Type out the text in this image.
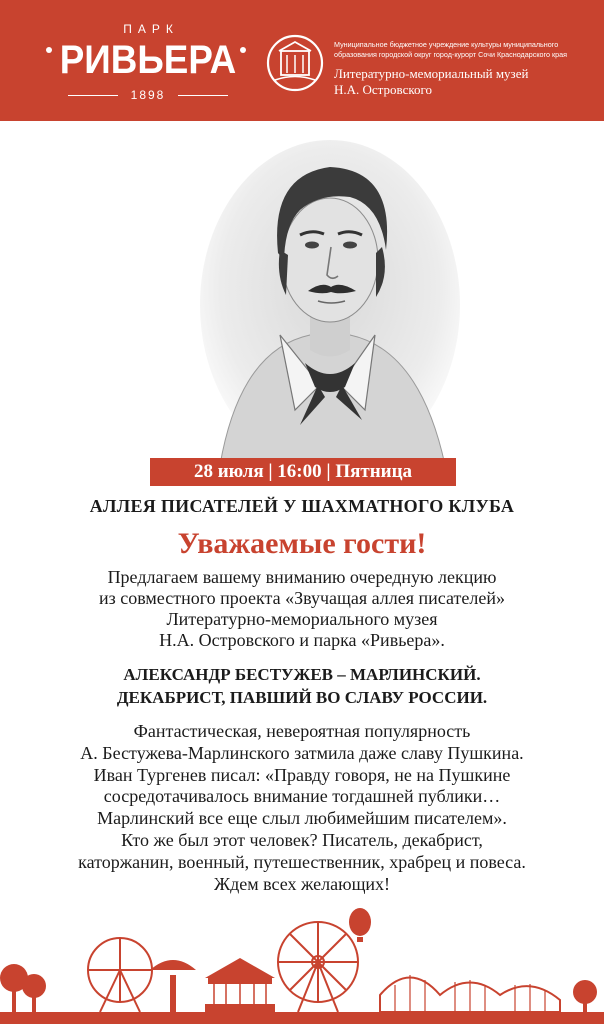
ПАРК
РИВЬЕРА
1898
Муниципальное бюджетное учреждение культуры муниципального
образования городской округ город-курорт Сочи Краснодарского края
Литературно-мемориальный музей
Н.А. Островского
28 июля | 16:00 | Пятница
АЛЛЕЯ ПИСАТЕЛЕЙ У ШАХМАТНОГО КЛУБА
Уважаемые гости!
Предлагаем вашему вниманию очередную лекцию
из совместного проекта «Звучащая аллея писателей»
Литературно-мемориального музея
Н.А. Островского и парка «Ривьера».
АЛЕКСАНДР БЕСТУЖЕВ – МАРЛИНСКИЙ.
ДЕКАБРИСТ, ПАВШИЙ ВО СЛАВУ РОССИИ.
Фантастическая, невероятная популярность
А. Бестужева-Марлинского затмила даже славу Пушкина.
Иван Тургенев писал: «Правду говоря, не на Пушкине
сосредотачивалось внимание тогдашней публики…
Марлинский все еще слыл любимейшим писателем».
Кто же был этот человек? Писатель, декабрист,
каторжанин, военный, путешественник, храбрец и повеса.
Ждем всех желающих!
